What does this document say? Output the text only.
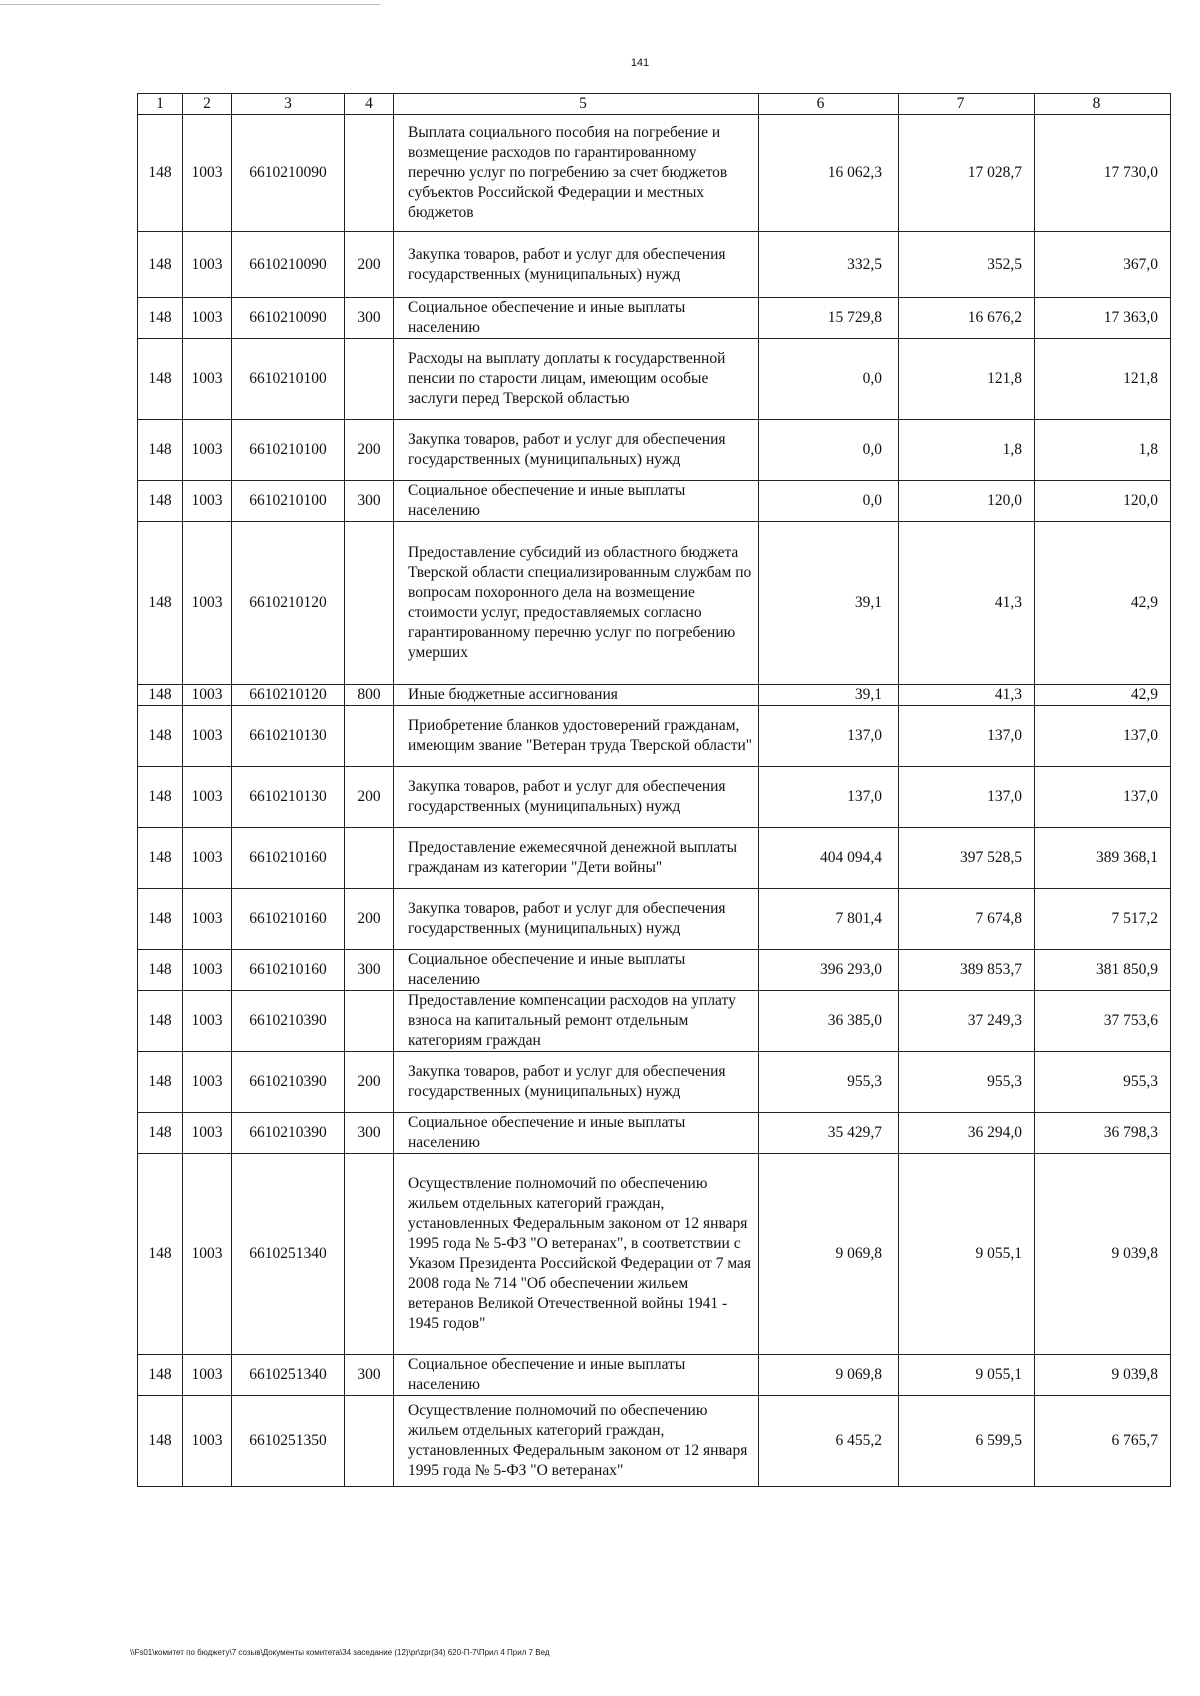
141
1	2	3	4	5	6	7	8
148	1003	6610210090		Выплата социального пособия на погребение и возмещение расходов по гарантированному перечню услуг по погребению за счет бюджетов субъектов Российской Федерации и местных бюджетов	16 062,3	17 028,7	17 730,0
148	1003	6610210090	200	Закупка товаров, работ и услуг для обеспечения государственных (муниципальных) нужд	332,5	352,5	367,0
148	1003	6610210090	300	Социальное обеспечение и иные выплаты населению	15 729,8	16 676,2	17 363,0
148	1003	6610210100		Расходы на выплату доплаты к государственной пенсии по старости лицам, имеющим особые заслуги перед Тверской областью	0,0	121,8	121,8
148	1003	6610210100	200	Закупка товаров, работ и услуг для обеспечения государственных (муниципальных) нужд	0,0	1,8	1,8
148	1003	6610210100	300	Социальное обеспечение и иные выплаты населению	0,0	120,0	120,0
148	1003	6610210120		Предоставление субсидий из областного бюджета Тверской области специализированным службам по вопросам похоронного дела на возмещение стоимости услуг, предоставляемых согласно гарантированному перечню услуг по погребению умерших	39,1	41,3	42,9
148	1003	6610210120	800	Иные бюджетные ассигнования	39,1	41,3	42,9
148	1003	6610210130		Приобретение бланков удостоверений гражданам, имеющим звание "Ветеран труда Тверской области"	137,0	137,0	137,0
148	1003	6610210130	200	Закупка товаров, работ и услуг для обеспечения государственных (муниципальных) нужд	137,0	137,0	137,0
148	1003	6610210160		Предоставление ежемесячной денежной выплаты гражданам из категории "Дети войны"	404 094,4	397 528,5	389 368,1
148	1003	6610210160	200	Закупка товаров, работ и услуг для обеспечения государственных (муниципальных) нужд	7 801,4	7 674,8	7 517,2
148	1003	6610210160	300	Социальное обеспечение и иные выплаты населению	396 293,0	389 853,7	381 850,9
148	1003	6610210390		Предоставление компенсации расходов на уплату взноса на капитальный ремонт отдельным категориям граждан	36 385,0	37 249,3	37 753,6
148	1003	6610210390	200	Закупка товаров, работ и услуг для обеспечения государственных (муниципальных) нужд	955,3	955,3	955,3
148	1003	6610210390	300	Социальное обеспечение и иные выплаты населению	35 429,7	36 294,0	36 798,3
148	1003	6610251340		Осуществление полномочий по обеспечению жильем отдельных категорий граждан, установленных Федеральным законом от 12 января 1995 года № 5-ФЗ "О ветеранах", в соответствии с Указом Президента Российской Федерации от 7 мая 2008 года № 714 "Об обеспечении жильем ветеранов Великой Отечественной войны 1941 - 1945 годов"	9 069,8	9 055,1	9 039,8
148	1003	6610251340	300	Социальное обеспечение и иные выплаты населению	9 069,8	9 055,1	9 039,8
148	1003	6610251350		Осуществление полномочий по обеспечению жильем отдельных категорий граждан, установленных Федеральным законом от 12 января 1995 года № 5-ФЗ "О ветеранах"	6 455,2	6 599,5	6 765,7
\\Fs01\комитет по бюджету\7 созыв\Документы комитета\34 заседание (12)\pr\zpr(34) 620-П-7\Прил 4 Прил 7 Вед
